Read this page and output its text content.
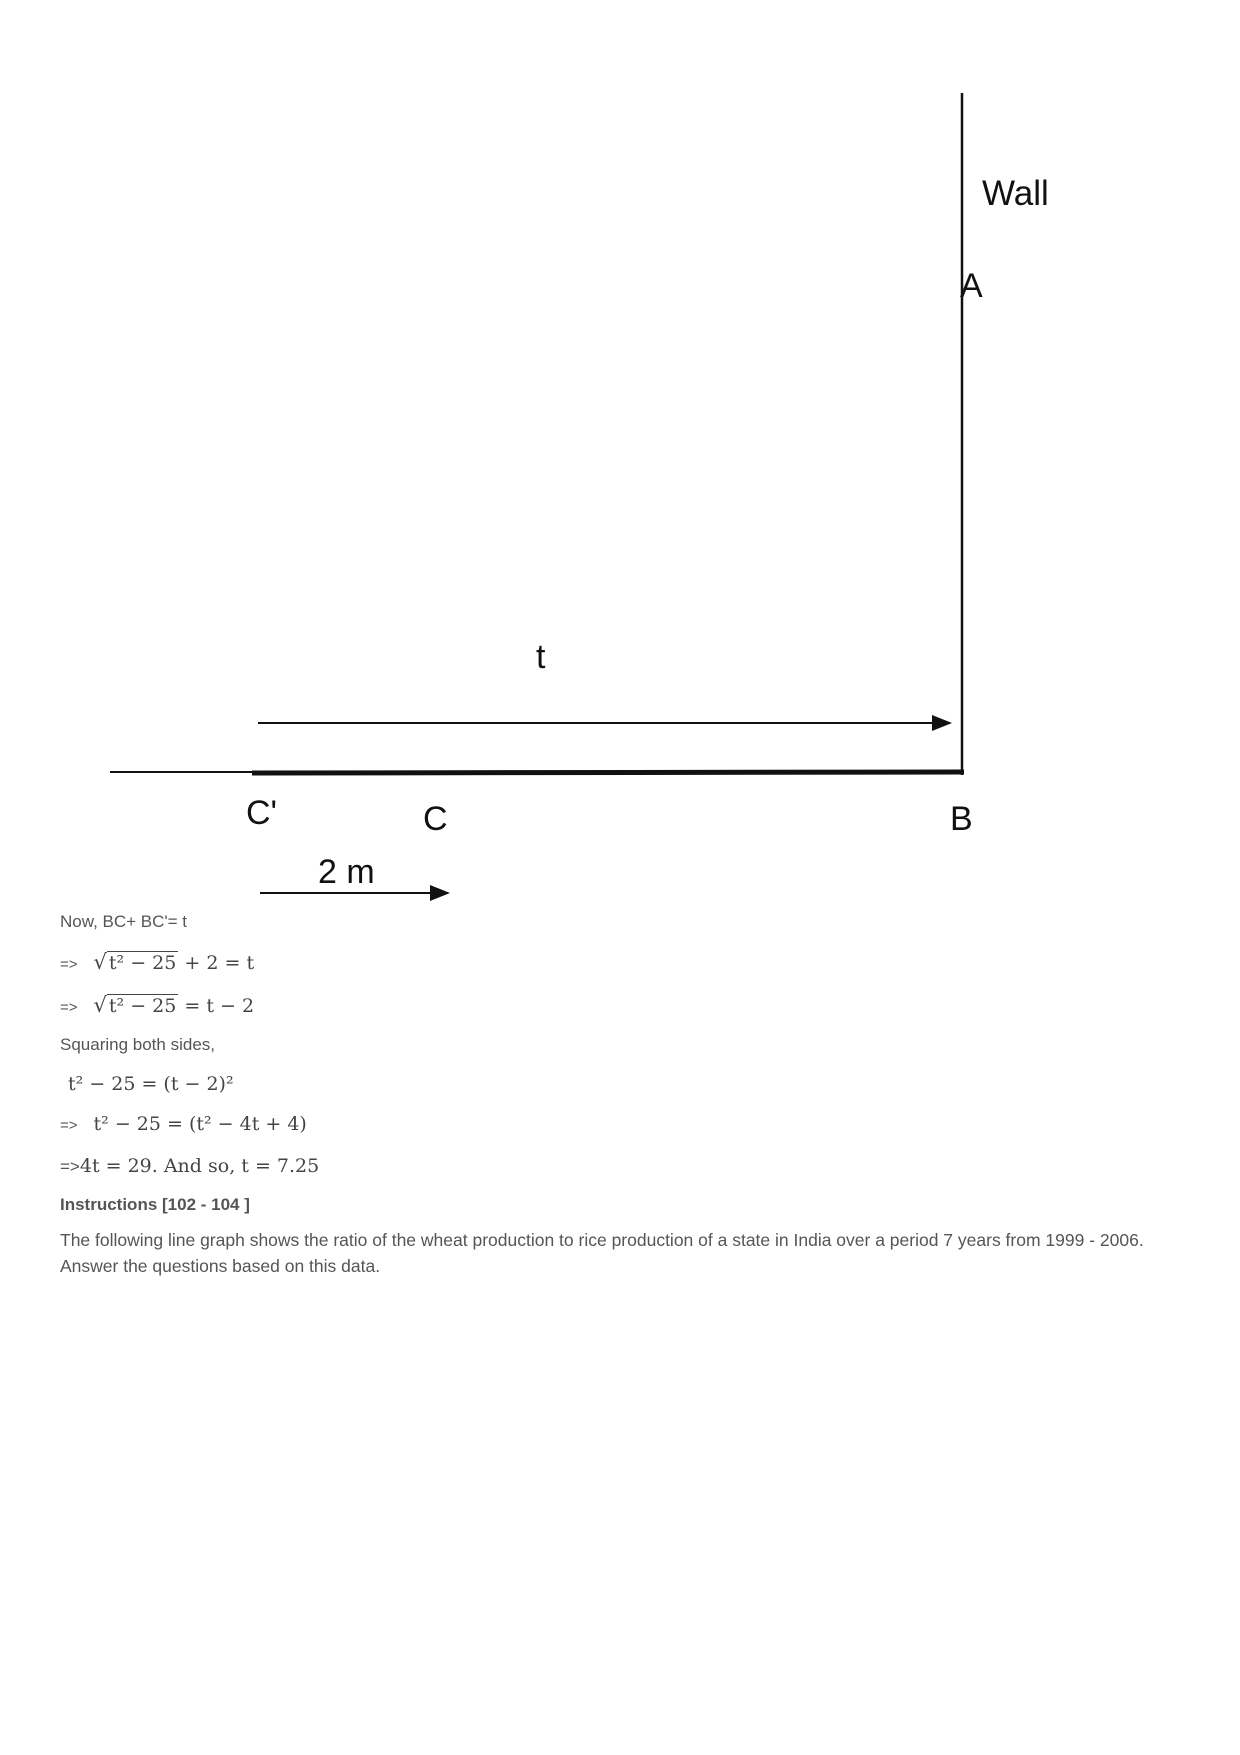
Wall
A
t
C'	C	B
2 m
Now, BC+ BC'= t
=> √ t² − 25 + 2 = t
=> √ t² − 25 = t − 2
Squaring both sides,
t² − 25 = (t − 2)²
=> t² − 25 = (t² − 4t + 4)
=>4t = 29. And so, t = 7.25
Instructions [102 - 104 ]
The following line graph shows the ratio of the wheat production to rice production of a state in India over a period 7 years from 1999 - 2006. Answer the questions based on this data.
